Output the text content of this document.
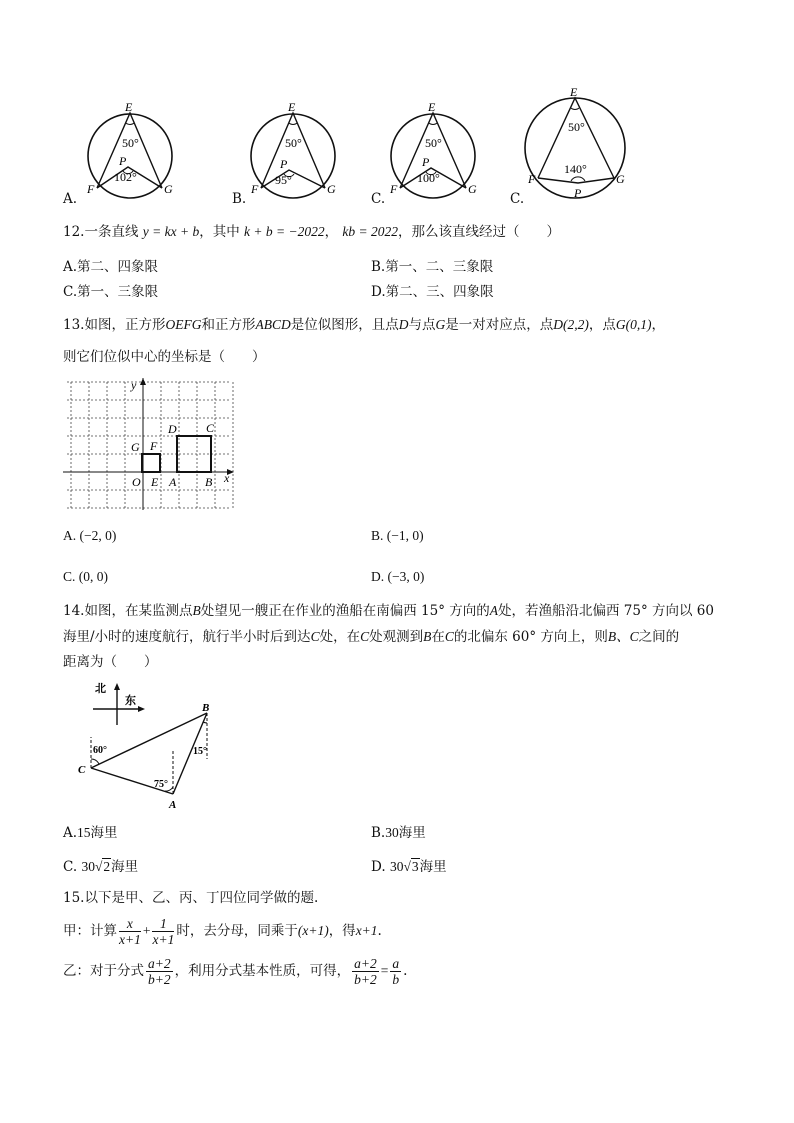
E
F	G
P
50°
102°
E
F	G
P
50°
95°
E
F	G
P
50°
100°
E
F	G
P
50°
140°
A.	B.	C.	C.
12.一条直线 y = kx + b，其中 k + b = −2022， kb = 2022，那么该直线经过（　　）
A.第二、四象限	B.第一、二、三象限
C.第一、三象限	D.第二、三、四象限
13.如图，正方形OEFG和正方形ABCD是位似图形，且点D与点G是一对对应点，点D(2,2)，点G(0,1)，
则它们位似中心的坐标是（　　）
y
x
G F
D C
O E A B
A. (−2, 0)	B. (−1, 0)
C. (0, 0)	D. (−3, 0)
14.如图，在某监测点B处望见一艘正在作业的渔船在南偏西 15° 方向的A处，若渔船沿北偏西 75° 方向以 60
海里/小时的速度航行，航行半小时后到达C处，在C处观测到B在C的北偏东 60° 方向上，则B、C之间的
距离为（　　）
北
东
60°
75°
15°
B
C
A
A.15海里	B.30海里
C. 30√2海里	D. 30√3海里
15.以下是甲、乙、丙、丁四位同学做的题.
甲：计算 $\frac{x}{x+1} + \frac{1}{x+1}$ 时，去分母，同乘于 (x+1) ，得 x+1 .
乙：对于分式 $\frac{a+2}{b+2}$ ，利用分式基本性质，可得， $\frac{a+2}{b+2} = \frac{a}{b}$ .
